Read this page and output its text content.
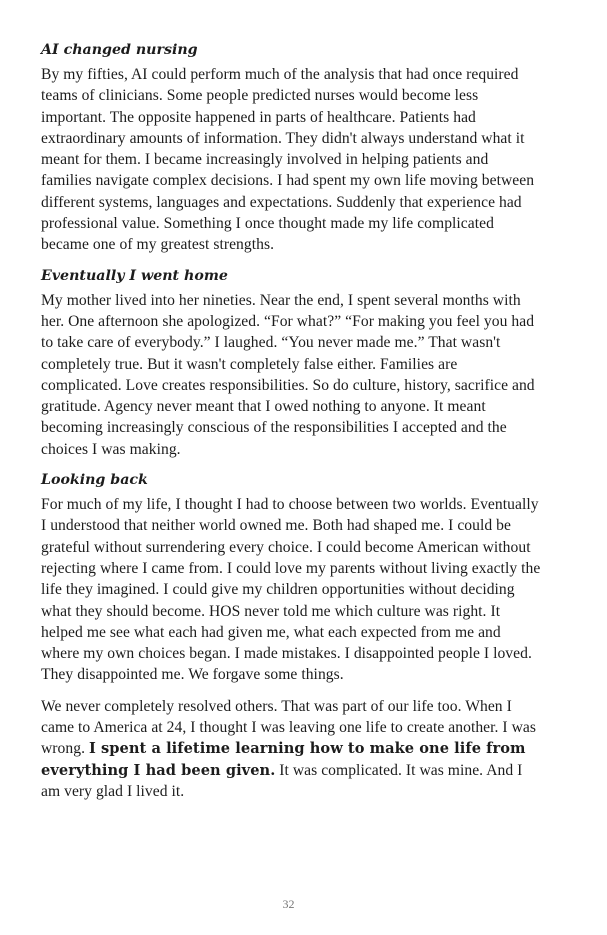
AI changed nursing

By my fifties, AI could perform much of the analysis that had once required teams of clinicians. Some people predicted nurses would become less important. The opposite happened in parts of healthcare. Patients had extraordinary amounts of information. They didn't always understand what it meant for them. I became increasingly involved in helping patients and families navigate complex decisions. I had spent my own life moving between different systems, languages and expectations. Suddenly that experience had professional value. Something I once thought made my life complicated became one of my greatest strengths.

Eventually I went home

My mother lived into her nineties. Near the end, I spent several months with her. One afternoon she apologized. “For what?” “For making you feel you had to take care of everybody.” I laughed. “You never made me.” That wasn't completely true. But it wasn't completely false either. Families are complicated. Love creates responsibilities. So do culture, history, sacrifice and gratitude. Agency never meant that I owed nothing to anyone. It meant becoming increasingly conscious of the responsibilities I accepted and the choices I was making.

Looking back

For much of my life, I thought I had to choose between two worlds. Eventually I understood that neither world owned me. Both had shaped me. I could be grateful without surrendering every choice. I could become American without rejecting where I came from. I could love my parents without living exactly the life they imagined. I could give my children opportunities without deciding what they should become. HOS never told me which culture was right. It helped me see what each had given me, what each expected from me and where my own choices began. I made mistakes. I disappointed people I loved. They disappointed me. We forgave some things.

We never completely resolved others. That was part of our life too. When I came to America at 24, I thought I was leaving one life to create another. I was wrong. I spent a lifetime learning how to make one life from everything I had been given. It was complicated. It was mine. And I am very glad I lived it.

32
